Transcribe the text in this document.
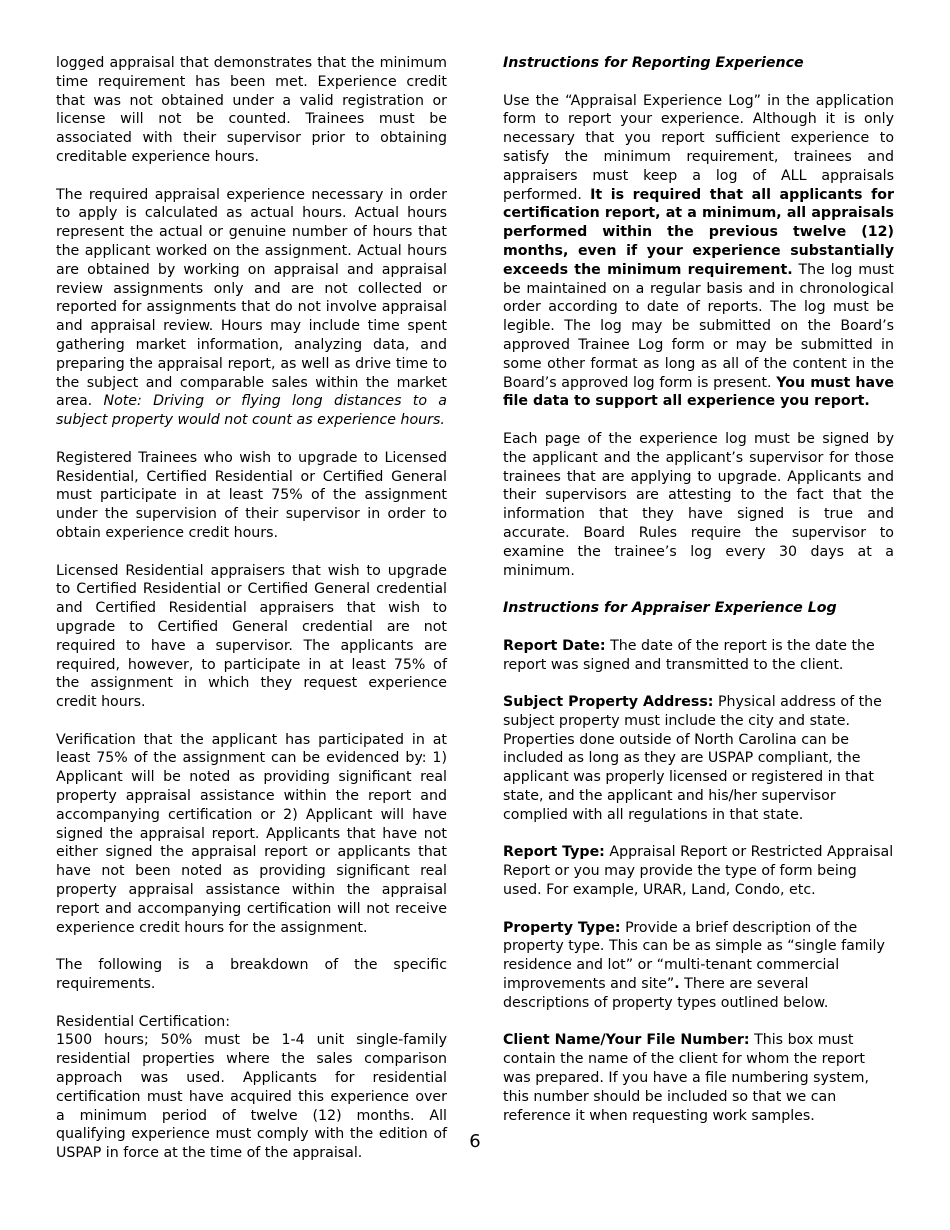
logged appraisal that demonstrates that the minimum time requirement has been met. Experience credit that was not obtained under a valid registration or license will not be counted. Trainees must be associated with their supervisor prior to obtaining creditable experience hours.

The required appraisal experience necessary in order to apply is calculated as actual hours. Actual hours represent the actual or genuine number of hours that the applicant worked on the assignment. Actual hours are obtained by working on appraisal and appraisal review assignments only and are not collected or reported for assignments that do not involve appraisal and appraisal review. Hours may include time spent gathering market information, analyzing data, and preparing the appraisal report, as well as drive time to the subject and comparable sales within the market area. Note: Driving or flying long distances to a subject property would not count as experience hours.

Registered Trainees who wish to upgrade to Licensed Residential, Certified Residential or Certified General must participate in at least 75% of the assignment under the supervision of their supervisor in order to obtain experience credit hours.

Licensed Residential appraisers that wish to upgrade to Certified Residential or Certified General credential and Certified Residential appraisers that wish to upgrade to Certified General credential are not required to have a supervisor. The applicants are required, however, to participate in at least 75% of the assignment in which they request experience credit hours.

Verification that the applicant has participated in at least 75% of the assignment can be evidenced by: 1) Applicant will be noted as providing significant real property appraisal assistance within the report and accompanying certification or 2) Applicant will have signed the appraisal report. Applicants that have not either signed the appraisal report or applicants that have not been noted as providing significant real property appraisal assistance within the appraisal report and accompanying certification will not receive experience credit hours for the assignment.

The following is a breakdown of the specific requirements.

Residential Certification:

1500 hours; 50% must be 1-4 unit single-family residential properties where the sales comparison approach was used. Applicants for residential certification must have acquired this experience over a minimum period of twelve (12) months. All qualifying experience must comply with the edition of USPAP in force at the time of the appraisal.

Instructions for Reporting Experience

Use the “Appraisal Experience Log” in the application form to report your experience. Although it is only necessary that you report sufficient experience to satisfy the minimum requirement, trainees and appraisers must keep a log of ALL appraisals performed. It is required that all applicants for certification report, at a minimum, all appraisals performed within the previous twelve (12) months, even if your experience substantially exceeds the minimum requirement. The log must be maintained on a regular basis and in chronological order according to date of reports. The log must be legible. The log may be submitted on the Board’s approved Trainee Log form or may be submitted in some other format as long as all of the content in the Board’s approved log form is present. You must have file data to support all experience you report.

Each page of the experience log must be signed by the applicant and the applicant’s supervisor for those trainees that are applying to upgrade. Applicants and their supervisors are attesting to the fact that the information that they have signed is true and accurate. Board Rules require the supervisor to examine the trainee’s log every 30 days at a minimum.

Instructions for Appraiser Experience Log

Report Date: The date of the report is the date the report was signed and transmitted to the client.

Subject Property Address: Physical address of the subject property must include the city and state. Properties done outside of North Carolina can be included as long as they are USPAP compliant, the applicant was properly licensed or registered in that state, and the applicant and his/her supervisor complied with all regulations in that state.

Report Type: Appraisal Report or Restricted Appraisal Report or you may provide the type of form being used. For example, URAR, Land, Condo, etc.

Property Type: Provide a brief description of the property type. This can be as simple as “single family residence and lot” or “multi-tenant commercial improvements and site”. There are several descriptions of property types outlined below.

Client Name/Your File Number: This box must contain the name of the client for whom the report was prepared. If you have a file numbering system, this number should be included so that we can reference it when requesting work samples.

6
